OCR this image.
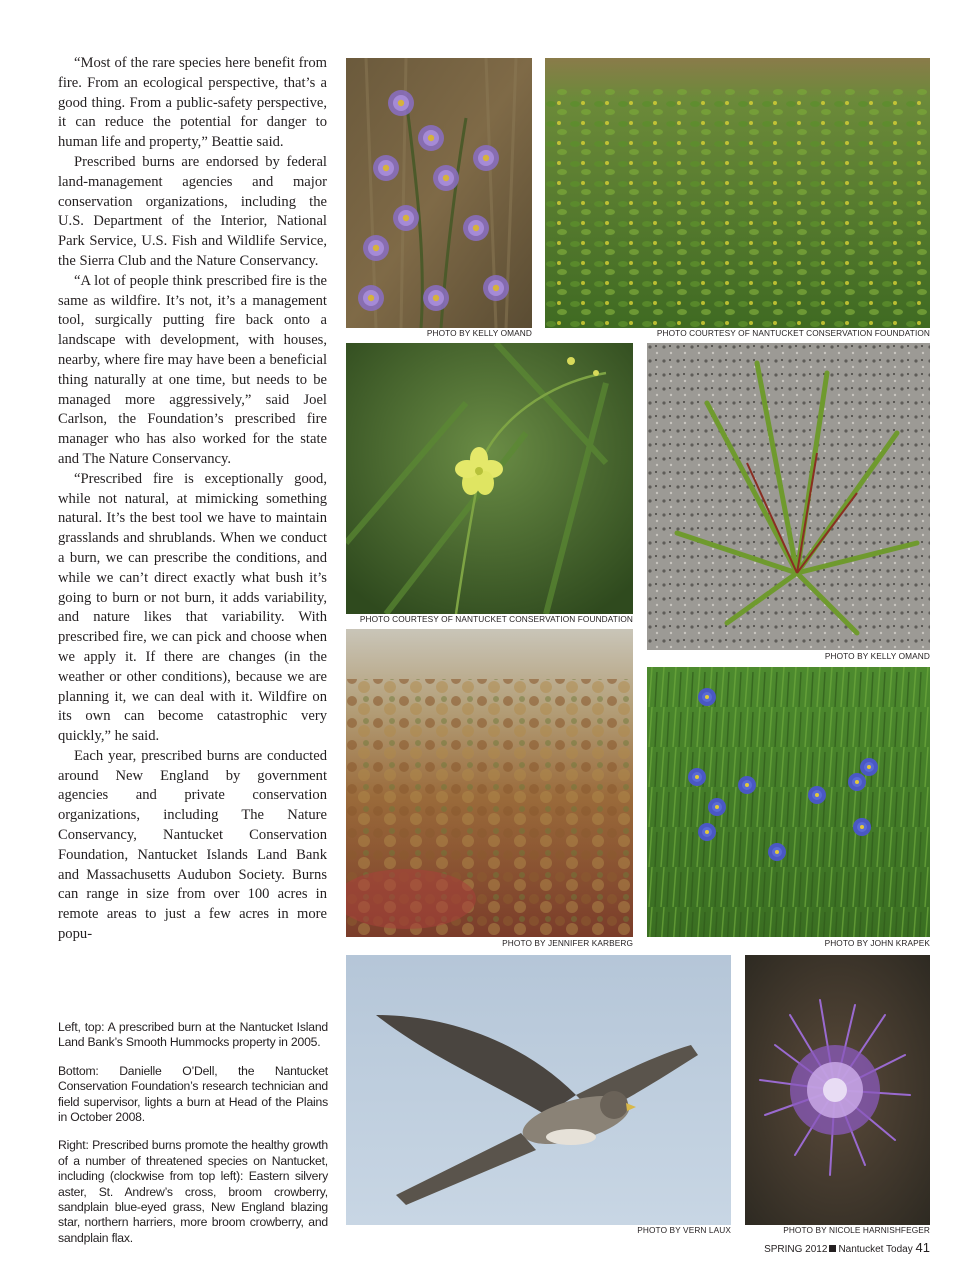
“Most of the rare species here benefit from fire. From an ecological perspective, that’s a good thing. From a public-safety perspective, it can reduce the potential for danger to human life and property,” Beattie said.

Prescribed burns are endorsed by federal land-management agencies and major conservation organizations, including the U.S. Department of the Interior, National Park Service, U.S. Fish and Wildlife Service, the Sierra Club and the Nature Conservancy.

“A lot of people think prescribed fire is the same as wildfire. It’s not, it’s a management tool, surgically putting fire back onto a landscape with development, with houses, nearby, where fire may have been a beneficial thing naturally at one time, but needs to be managed more aggressively,” said Joel Carlson, the Foundation’s prescribed fire manager who has also worked for the state and The Nature Conservancy.

“Prescribed fire is exceptionally good, while not natural, at mimicking something natural. It’s the best tool we have to maintain grasslands and shrublands. When we conduct a burn, we can prescribe the conditions, and while we can’t direct exactly what bush it’s going to burn or not burn, it adds variability, and nature likes that variability. With prescribed fire, we can pick and choose when we apply it. If there are changes (in the weather or other conditions), because we are planning it, we can deal with it. Wildfire on its own can become catastrophic very quickly,” he said.

Each year, prescribed burns are conducted around New England by government agencies and private conservation organizations, including The Nature Conservancy, Nantucket Conservation Foundation, Nantucket Islands Land Bank and Massachusetts Audubon Society. Burns can range in size from over 100 acres in remote areas to just a few acres in more popu-

Left, top: A prescribed burn at the Nantucket Island Land Bank’s Smooth Hummocks property in 2005.

Bottom: Danielle O’Dell, the Nantucket Conservation Foundation’s research technician and field supervisor, lights a burn at Head of the Plains in October 2008.

Right: Prescribed burns promote the healthy growth of a number of threatened species on Nantucket, including (clockwise from top left): Eastern silvery aster, St. Andrew’s cross, broom crowberry, sandplain blue-eyed grass, New England blazing star, northern harriers, more broom crowberry, and sandplain flax.

PHOTO BY KELLY OMAND	PHOTO COURTESY OF NANTUCKET CONSERVATION FOUNDATION
PHOTO COURTESY OF NANTUCKET CONSERVATION FOUNDATION
PHOTO BY KELLY OMAND
PHOTO BY JENNIFER KARBERG	PHOTO BY JOHN KRAPEK
PHOTO BY VERN LAUX	PHOTO BY NICOLE HARNISHFEGER
SPRING 2012 Nantucket Today 41
